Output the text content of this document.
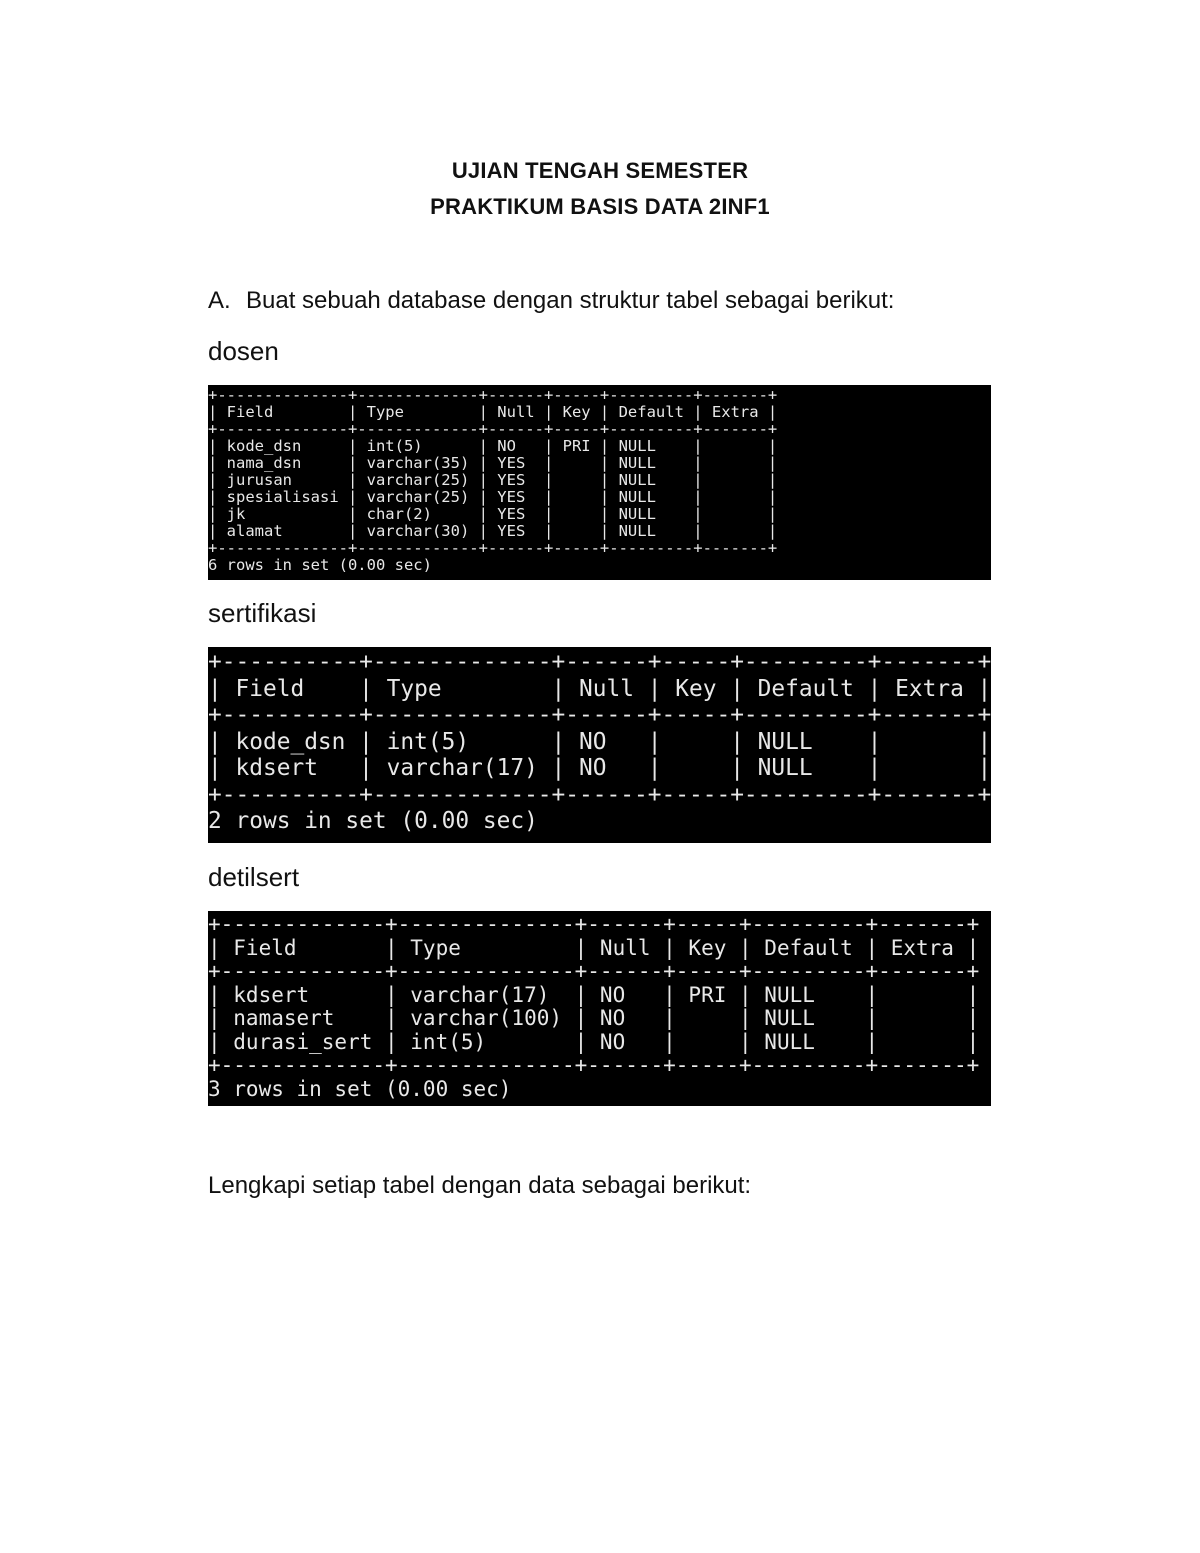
UJIAN TENGAH SEMESTER
PRAKTIKUM BASIS DATA 2INF1
A. Buat sebuah database dengan struktur tabel sebagai berikut:
dosen
+--------------+-------------+------+-----+---------+-------+
| Field        | Type        | Null | Key | Default | Extra |
+--------------+-------------+------+-----+---------+-------+
| kode_dsn     | int(5)      | NO   | PRI | NULL    |       |
| nama_dsn     | varchar(35) | YES  |     | NULL    |       |
| jurusan      | varchar(25) | YES  |     | NULL    |       |
| spesialisasi | varchar(25) | YES  |     | NULL    |       |
| jk           | char(2)     | YES  |     | NULL    |       |
| alamat       | varchar(30) | YES  |     | NULL    |       |
+--------------+-------------+------+-----+---------+-------+
6 rows in set (0.00 sec)
sertifikasi
+----------+-------------+------+-----+---------+-------+
| Field    | Type        | Null | Key | Default | Extra |
+----------+-------------+------+-----+---------+-------+
| kode_dsn | int(5)      | NO   |     | NULL    |       |
| kdsert   | varchar(17) | NO   |     | NULL    |       |
+----------+-------------+------+-----+---------+-------+
2 rows in set (0.00 sec)
detilsert
+-------------+--------------+------+-----+---------+-------+
| Field       | Type         | Null | Key | Default | Extra |
+-------------+--------------+------+-----+---------+-------+
| kdsert      | varchar(17)  | NO   | PRI | NULL    |       |
| namasert    | varchar(100) | NO   |     | NULL    |       |
| durasi_sert | int(5)       | NO   |     | NULL    |       |
+-------------+--------------+------+-----+---------+-------+
3 rows in set (0.00 sec)
Lengkapi setiap tabel dengan data sebagai berikut:
